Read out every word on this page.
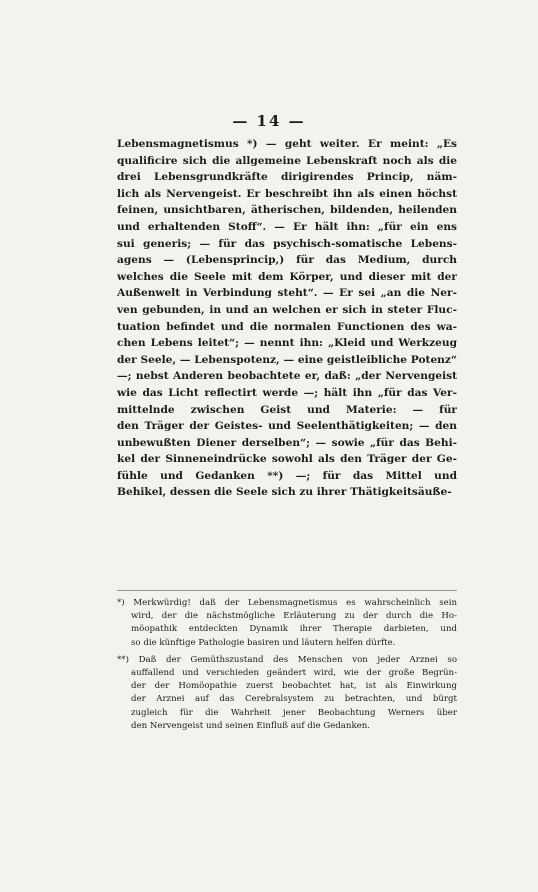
— 14 —
Lebensmagnetismus *) — geht weiter. Er meint: „Es
qualificire sich die allgemeine Lebenskraft noch als die
drei Lebensgrundkräfte dirigirendes Princip, näm-
lich als Nervengeist. Er beschreibt ihn als einen höchst
feinen, unsichtbaren, ätherischen, bildenden, heilenden
und erhaltenden Stoff“. — Er hält ihn: „für ein ens
sui generis; — für das psychisch-somatische Lebens-
agens — (Lebensprincip,) für das Medium, durch
welches die Seele mit dem Körper, und dieser mit der
Außenwelt in Verbindung steht“. — Er sei „an die Ner-
ven gebunden, in und an welchen er sich in steter Fluc-
tuation befindet und die normalen Functionen des wa-
chen Lebens leitet“; — nennt ihn: „Kleid und Werkzeug
der Seele, — Lebenspotenz, — eine geistleibliche Potenz“
—; nebst Anderen beobachtete er, daß: „der Nervengeist
wie das Licht reflectirt werde —; hält ihn „für das Ver-
mittelnde zwischen Geist und Materie: — für
den Träger der Geistes- und Seelenthätigkeiten; — den
unbewußten Diener derselben“; — sowie „für das Behi-
kel der Sinneneindrücke sowohl als den Träger der Ge-
fühle und Gedanken **) —; für das Mittel und
Behikel, dessen die Seele sich zu ihrer Thätigkeitsäuße-
*) Merkwürdig! daß der Lebensmagnetismus es wahrscheinlich sein
wird, der die nächstmögliche Erläuterung zu der durch die Ho-
möopathik entdeckten Dynamik ihrer Therapie darbieten, und
so die künftige Pathologie basiren und läutern helfen dürfte.
**) Daß der Gemüthszustand des Menschen von jeder Arznei so
auffallend und verschieden geändert wird, wie der große Begrün-
der der Homöopathie zuerst beobachtet hat, ist als Einwirkung
der Arznei auf das Cerebralsystem zu betrachten, und bürgt
zugleich für die Wahrheit jener Beobachtung Werners über
den Nervengeist und seinen Einfluß auf die Gedanken.
